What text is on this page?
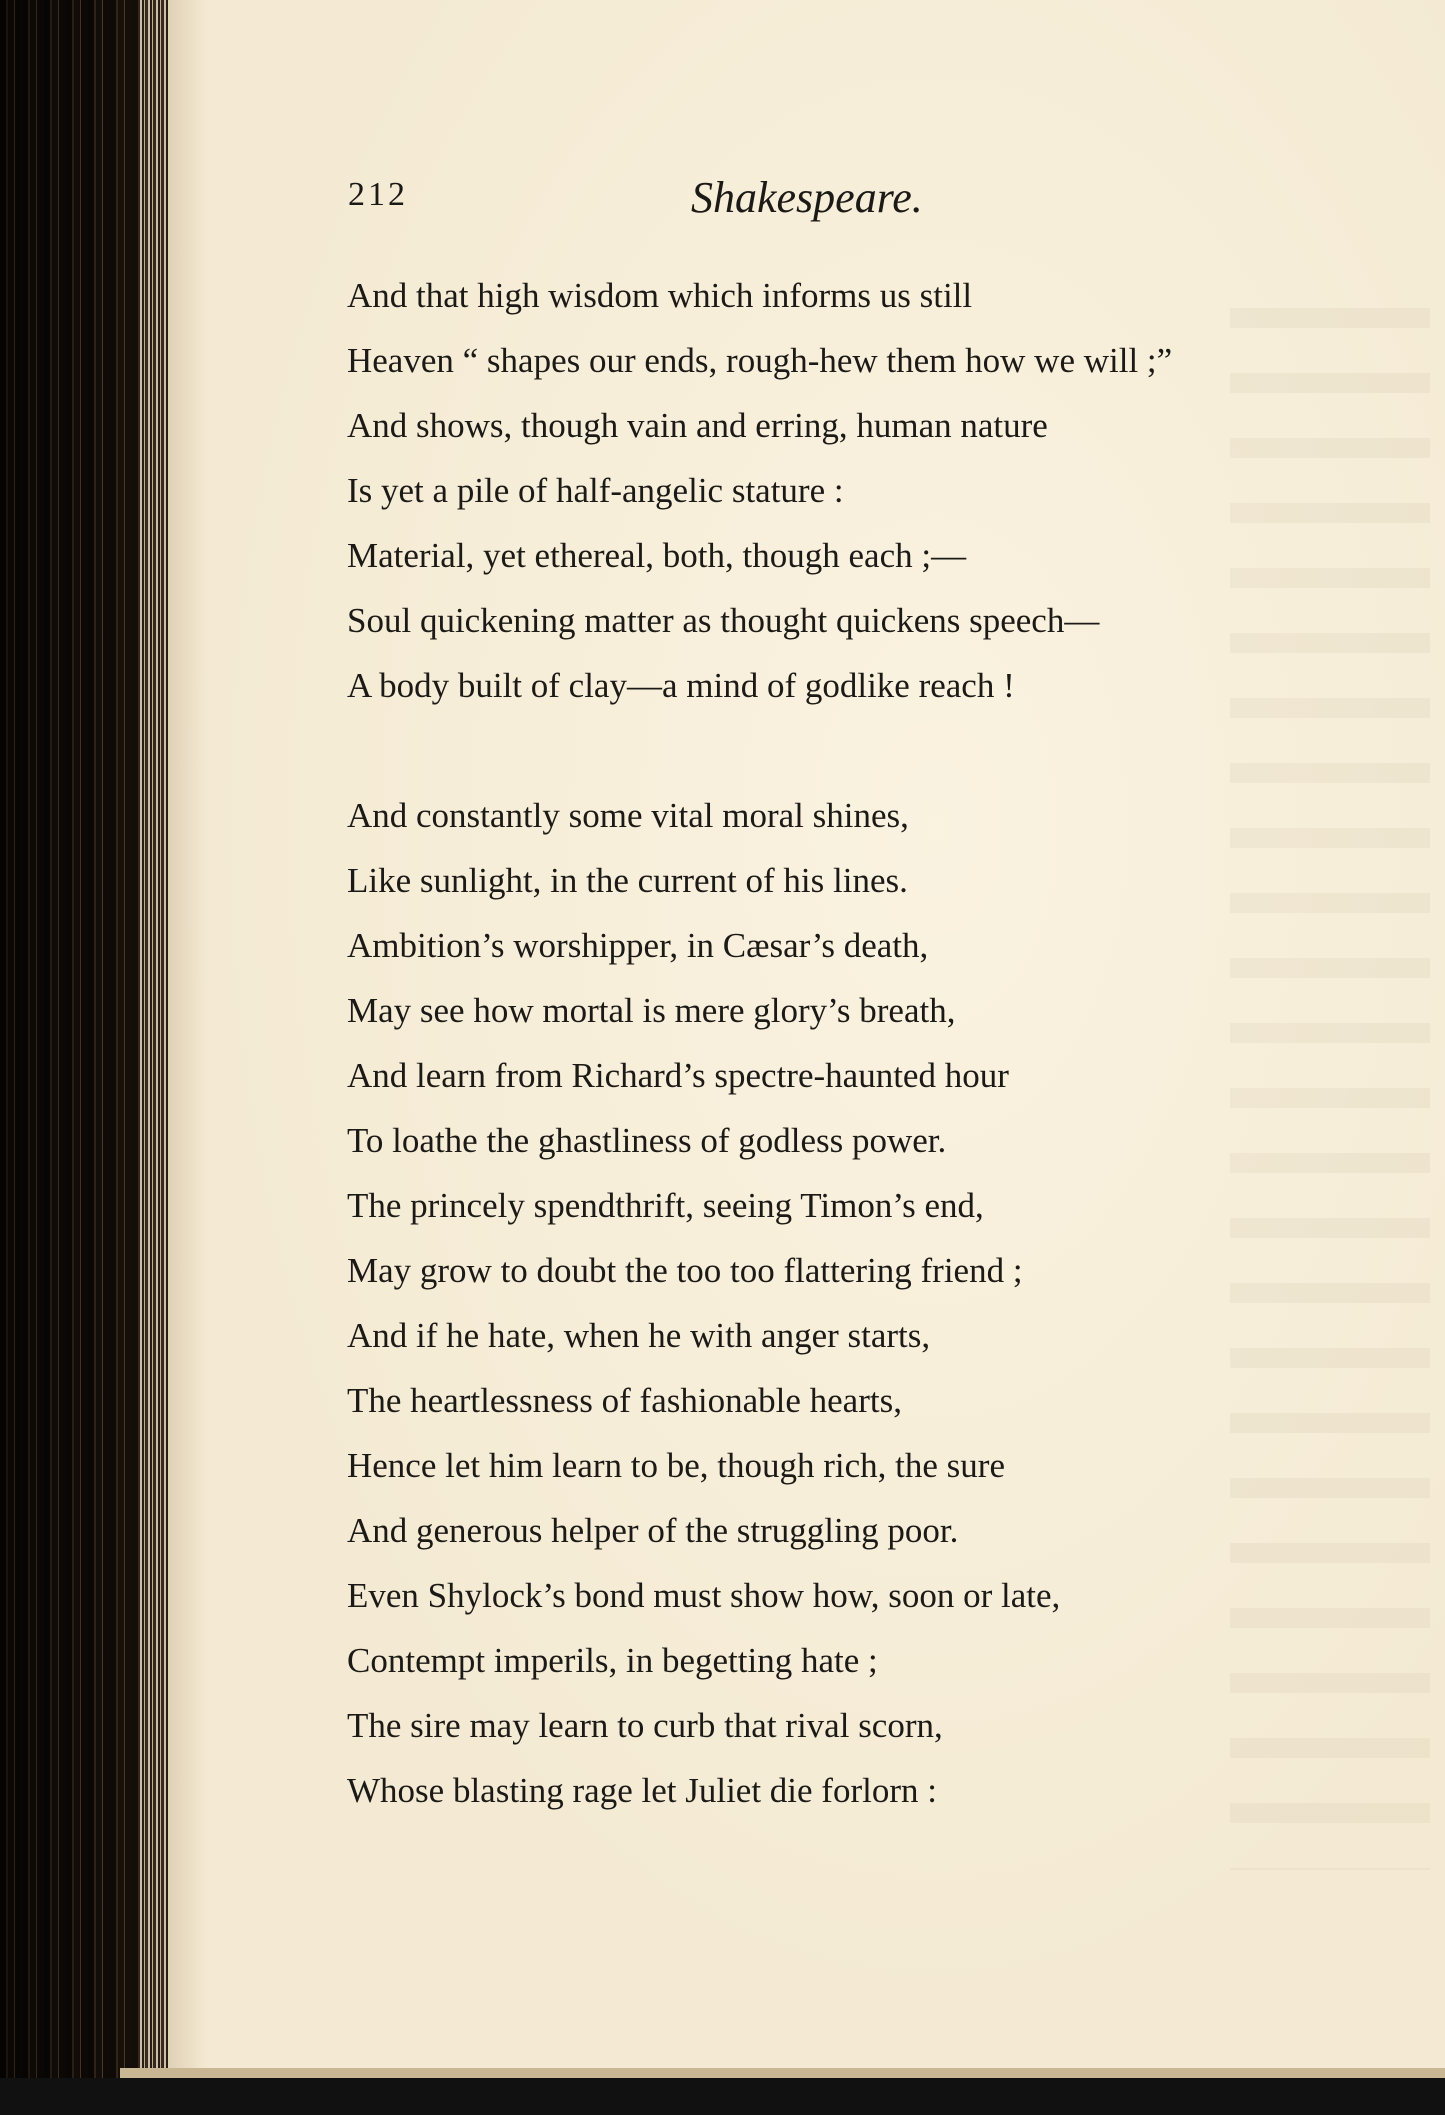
212	Shakespeare.
And that high wisdom which informs us still
Heaven “ shapes our ends, rough-hew them how we will ;”
And shows, though vain and erring, human nature
Is yet a pile of half-angelic stature :
Material, yet ethereal, both, though each ;—
Soul quickening matter as thought quickens speech—
A body built of clay—a mind of godlike reach !
And constantly some vital moral shines,
Like sunlight, in the current of his lines.
Ambition’s worshipper, in Cæsar’s death,
May see how mortal is mere glory’s breath,
And learn from Richard’s spectre-haunted hour
To loathe the ghastliness of godless power.
The princely spendthrift, seeing Timon’s end,
May grow to doubt the too too flattering friend ;
And if he hate, when he with anger starts,
The heartlessness of fashionable hearts,
Hence let him learn to be, though rich, the sure
And generous helper of the struggling poor.
Even Shylock’s bond must show how, soon or late,
Contempt imperils, in begetting hate ;
The sire may learn to curb that rival scorn,
Whose blasting rage let Juliet die forlorn :
